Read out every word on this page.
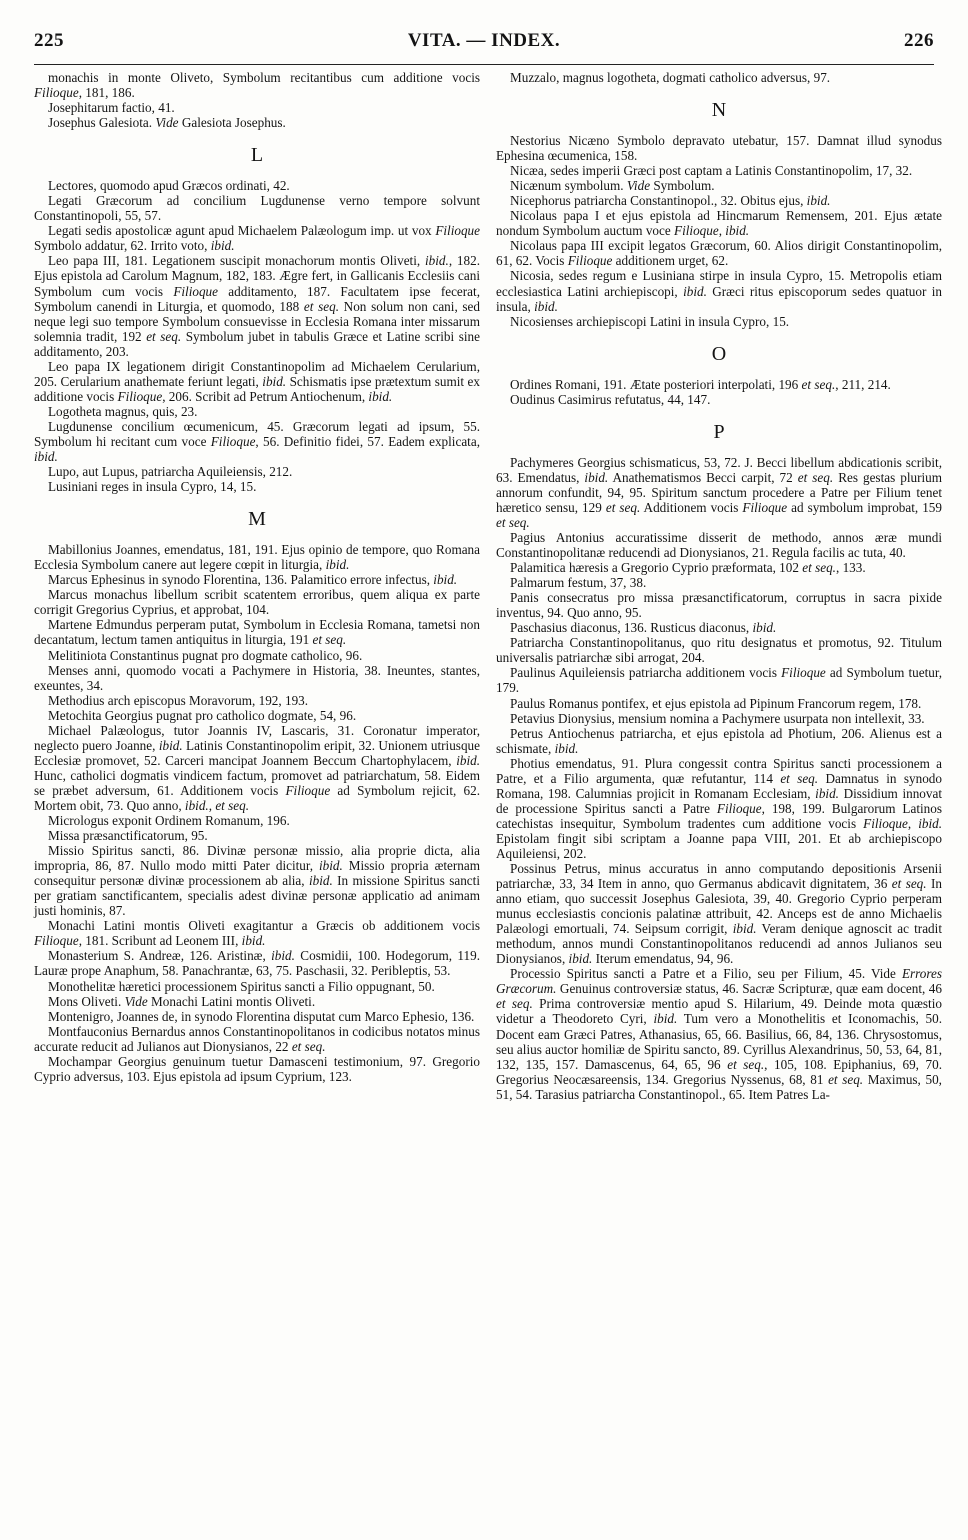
225	VITA. — INDEX.	226
monachis in monte Oliveto, Symbolum recitantibus cum additione vocis Filioque, 181, 186.
Josephitarum factio, 41.
Josephus Galesiota. Vide Galesiota Josephus.
L
Lectores, quomodo apud Græcos ordinati, 42.
Legati Græcorum ad concilium Lugdunense verno tempore solvunt Constantinopoli, 55, 57.
Legati sedis apostolicæ agunt apud Michaelem Palæologum imp. ut vox Filioque Symbolo addatur, 62. Irrito voto, ibid.
Leo papa III, 181. Legationem suscipit monachorum montis Oliveti, ibid., 182. Ejus epistola ad Carolum Magnum, 182, 183. Ægre fert, in Gallicanis Ecclesiis cani Symbolum cum vocis Filioque additamento, 187. Facultatem ipse fecerat, Symbolum canendi in Liturgia, et quomodo, 188 et seq. Non solum non cani, sed neque legi suo tempore Symbolum consuevisse in Ecclesia Romana inter missarum solemnia tradit, 192 et seq. Symbolum jubet in tabulis Græce et Latine scribi sine additamento, 203.
Leo papa IX legationem dirigit Constantinopolim ad Michaelem Cerularium, 205. Cerularium anathemate feriunt legati, ibid. Schismatis ipse prætextum sumit ex additione vocis Filioque, 206. Scribit ad Petrum Antiochenum, ibid.
Logotheta magnus, quis, 23.
Lugdunense concilium œcumenicum, 45. Græcorum legati ad ipsum, 55. Symbolum hi recitant cum voce Filioque, 56. Definitio fidei, 57. Eadem explicata, ibid.
Lupo, aut Lupus, patriarcha Aquileiensis, 212.
Lusiniani reges in insula Cypro, 14, 15.
M
Mabillonius Joannes, emendatus, 181, 191. Ejus opinio de tempore, quo Romana Ecclesia Symbolum canere aut legere cœpit in liturgia, ibid.
Marcus Ephesinus in synodo Florentina, 136. Palamitico errore infectus, ibid.
Marcus monachus libellum scribit scatentem erroribus, quem aliqua ex parte corrigit Gregorius Cyprius, et approbat, 104.
Martene Edmundus perperam putat, Symbolum in Ecclesia Romana, tametsi non decantatum, lectum tamen antiquitus in liturgia, 191 et seq.
Melitiniota Constantinus pugnat pro dogmate catholico, 96.
Menses anni, quomodo vocati a Pachymere in Historia, 38. Ineuntes, stantes, exeuntes, 34.
Methodius arch episcopus Moravorum, 192, 193.
Metochita Georgius pugnat pro catholico dogmate, 54, 96.
Michael Palæologus, tutor Joannis IV, Lascaris, 31. Coronatur imperator, neglecto puero Joanne, ibid. Latinis Constantinopolim eripit, 32. Unionem utriusque Ecclesiæ promovet, 52. Carceri mancipat Joannem Beccum Chartophylacem, ibid. Hunc, catholici dogmatis vindicem factum, promovet ad patriarchatum, 58. Eidem se præbet adversum, 61. Additionem vocis Filioque ad Symbolum rejicit, 62. Mortem obit, 73. Quo anno, ibid., et seq.
Micrologus exponit Ordinem Romanum, 196.
Missa præsanctificatorum, 95.
Missio Spiritus sancti, 86. Divinæ personæ missio, alia proprie dicta, alia impropria, 86, 87. Nullo modo mitti Pater dicitur, ibid. Missio propria æternam consequitur personæ divinæ processionem ab alia, ibid. In missione Spiritus sancti per gratiam sanctificantem, specialis adest divinæ personæ applicatio ad animam justi hominis, 87.
Monachi Latini montis Oliveti exagitantur a Græcis ob additionem vocis Filioque, 181. Scribunt ad Leonem III, ibid.
Monasterium S. Andreæ, 126. Aristinæ, ibid. Cosmidii, 100. Hodegorum, 119. Lauræ prope Anaphum, 58. Panachrantæ, 63, 75. Paschasii, 32. Peribleptis, 53.
Monothelitæ hæretici processionem Spiritus sancti a Filio oppugnant, 50.
Mons Oliveti. Vide Monachi Latini montis Oliveti.
Montenigro, Joannes de, in synodo Florentina disputat cum Marco Ephesio, 136.
Montfauconius Bernardus annos Constantinopolitanos in codicibus notatos minus accurate reducit ad Julianos aut Dionysianos, 22 et seq.
Mochampar Georgius genuinum tuetur Damasceni testimonium, 97. Gregorio Cyprio adversus, 103. Ejus epistola ad ipsum Cyprium, 123.
Muzzalo, magnus logotheta, dogmati catholico adversus, 97.
N
Nestorius Nicæno Symbolo depravato utebatur, 157. Damnat illud synodus Ephesina œcumenica, 158.
Nicæa, sedes imperii Græci post captam a Latinis Constantinopolim, 17, 32.
Nicænum symbolum. Vide Symbolum.
Nicephorus patriarcha Constantinopol., 32. Obitus ejus, ibid.
Nicolaus papa I et ejus epistola ad Hincmarum Remensem, 201. Ejus ætate nondum Symbolum auctum voce Filioque, ibid.
Nicolaus papa III excipit legatos Græcorum, 60. Alios dirigit Constantinopolim, 61, 62. Vocis Filioque additionem urget, 62.
Nicosia, sedes regum e Lusiniana stirpe in insula Cypro, 15. Metropolis etiam ecclesiastica Latini archiepiscopi, ibid. Græci ritus episcoporum sedes quatuor in insula, ibid.
Nicosienses archiepiscopi Latini in insula Cypro, 15.
O
Ordines Romani, 191. Ætate posteriori interpolati, 196 et seq., 211, 214.
Oudinus Casimirus refutatus, 44, 147.
P
Pachymeres Georgius schismaticus, 53, 72. J. Becci libellum abdicationis scribit, 63. Emendatus, ibid. Anathematismos Becci carpit, 72 et seq. Res gestas plurium annorum confundit, 94, 95. Spiritum sanctum procedere a Patre per Filium tenet hæretico sensu, 129 et seq. Additionem vocis Filioque ad symbolum improbat, 159 et seq.
Pagius Antonius accuratissime disserit de methodo, annos æræ mundi Constantinopolitanæ reducendi ad Dionysianos, 21. Regula facilis ac tuta, 40.
Palamitica hæresis a Gregorio Cyprio præformata, 102 et seq., 133.
Palmarum festum, 37, 38.
Panis consecratus pro missa præsanctificatorum, corruptus in sacra pixide inventus, 94. Quo anno, 95.
Paschasius diaconus, 136. Rusticus diaconus, ibid.
Patriarcha Constantinopolitanus, quo ritu designatus et promotus, 92. Titulum universalis patriarchæ sibi arrogat, 204.
Paulinus Aquileiensis patriarcha additionem vocis Filioque ad Symbolum tuetur, 179.
Paulus Romanus pontifex, et ejus epistola ad Pipinum Francorum regem, 178.
Petavius Dionysius, mensium nomina a Pachymere usurpata non intellexit, 33.
Petrus Antiochenus patriarcha, et ejus epistola ad Photium, 206. Alienus est a schismate, ibid.
Photius emendatus, 91. Plura congessit contra Spiritus sancti processionem a Patre, et a Filio argumenta, quæ refutantur, 114 et seq. Damnatus in synodo Romana, 198. Calumnias projicit in Romanam Ecclesiam, ibid. Dissidium innovat de processione Spiritus sancti a Patre Filioque, 198, 199. Bulgarorum Latinos catechistas insequitur, Symbolum tradentes cum additione vocis Filioque, ibid. Epistolam fingit sibi scriptam a Joanne papa VIII, 201. Et ab archiepiscopo Aquileiensi, 202.
Possinus Petrus, minus accuratus in anno computando depositionis Arsenii patriarchæ, 33, 34 Item in anno, quo Germanus abdicavit dignitatem, 36 et seq. In anno etiam, quo successit Josephus Galesiota, 39, 40. Gregorio Cyprio perperam munus ecclesiastis concionis palatinæ attribuit, 42. Anceps est de anno Michaelis Palæologi emortuali, 74. Seipsum corrigit, ibid. Veram denique agnoscit ac tradit methodum, annos mundi Constantinopolitanos reducendi ad annos Julianos seu Dionysianos, ibid. Iterum emendatus, 94, 96.
Processio Spiritus sancti a Patre et a Filio, seu per Filium, 45. Vide Errores Græcorum. Genuinus controversiæ status, 46. Sacræ Scripturæ, quæ eam docent, 46 et seq. Prima controversiæ mentio apud S. Hilarium, 49. Deinde mota quæstio videtur a Theodoreto Cyri, ibid. Tum vero a Monothelitis et Iconomachis, 50. Docent eam Græci Patres, Athanasius, 65, 66. Basilius, 66, 84, 136. Chrysostomus, seu alius auctor homiliæ de Spiritu sancto, 89. Cyrillus Alexandrinus, 50, 53, 64, 81, 132, 135, 157. Damascenus, 64, 65, 96 et seq., 105, 108. Epiphanius, 69, 70. Gregorius Neocæsareensis, 134. Gregorius Nyssenus, 68, 81 et seq. Maximus, 50, 51, 54. Tarasius patriarcha Constantinopol., 65. Item Patres La-
